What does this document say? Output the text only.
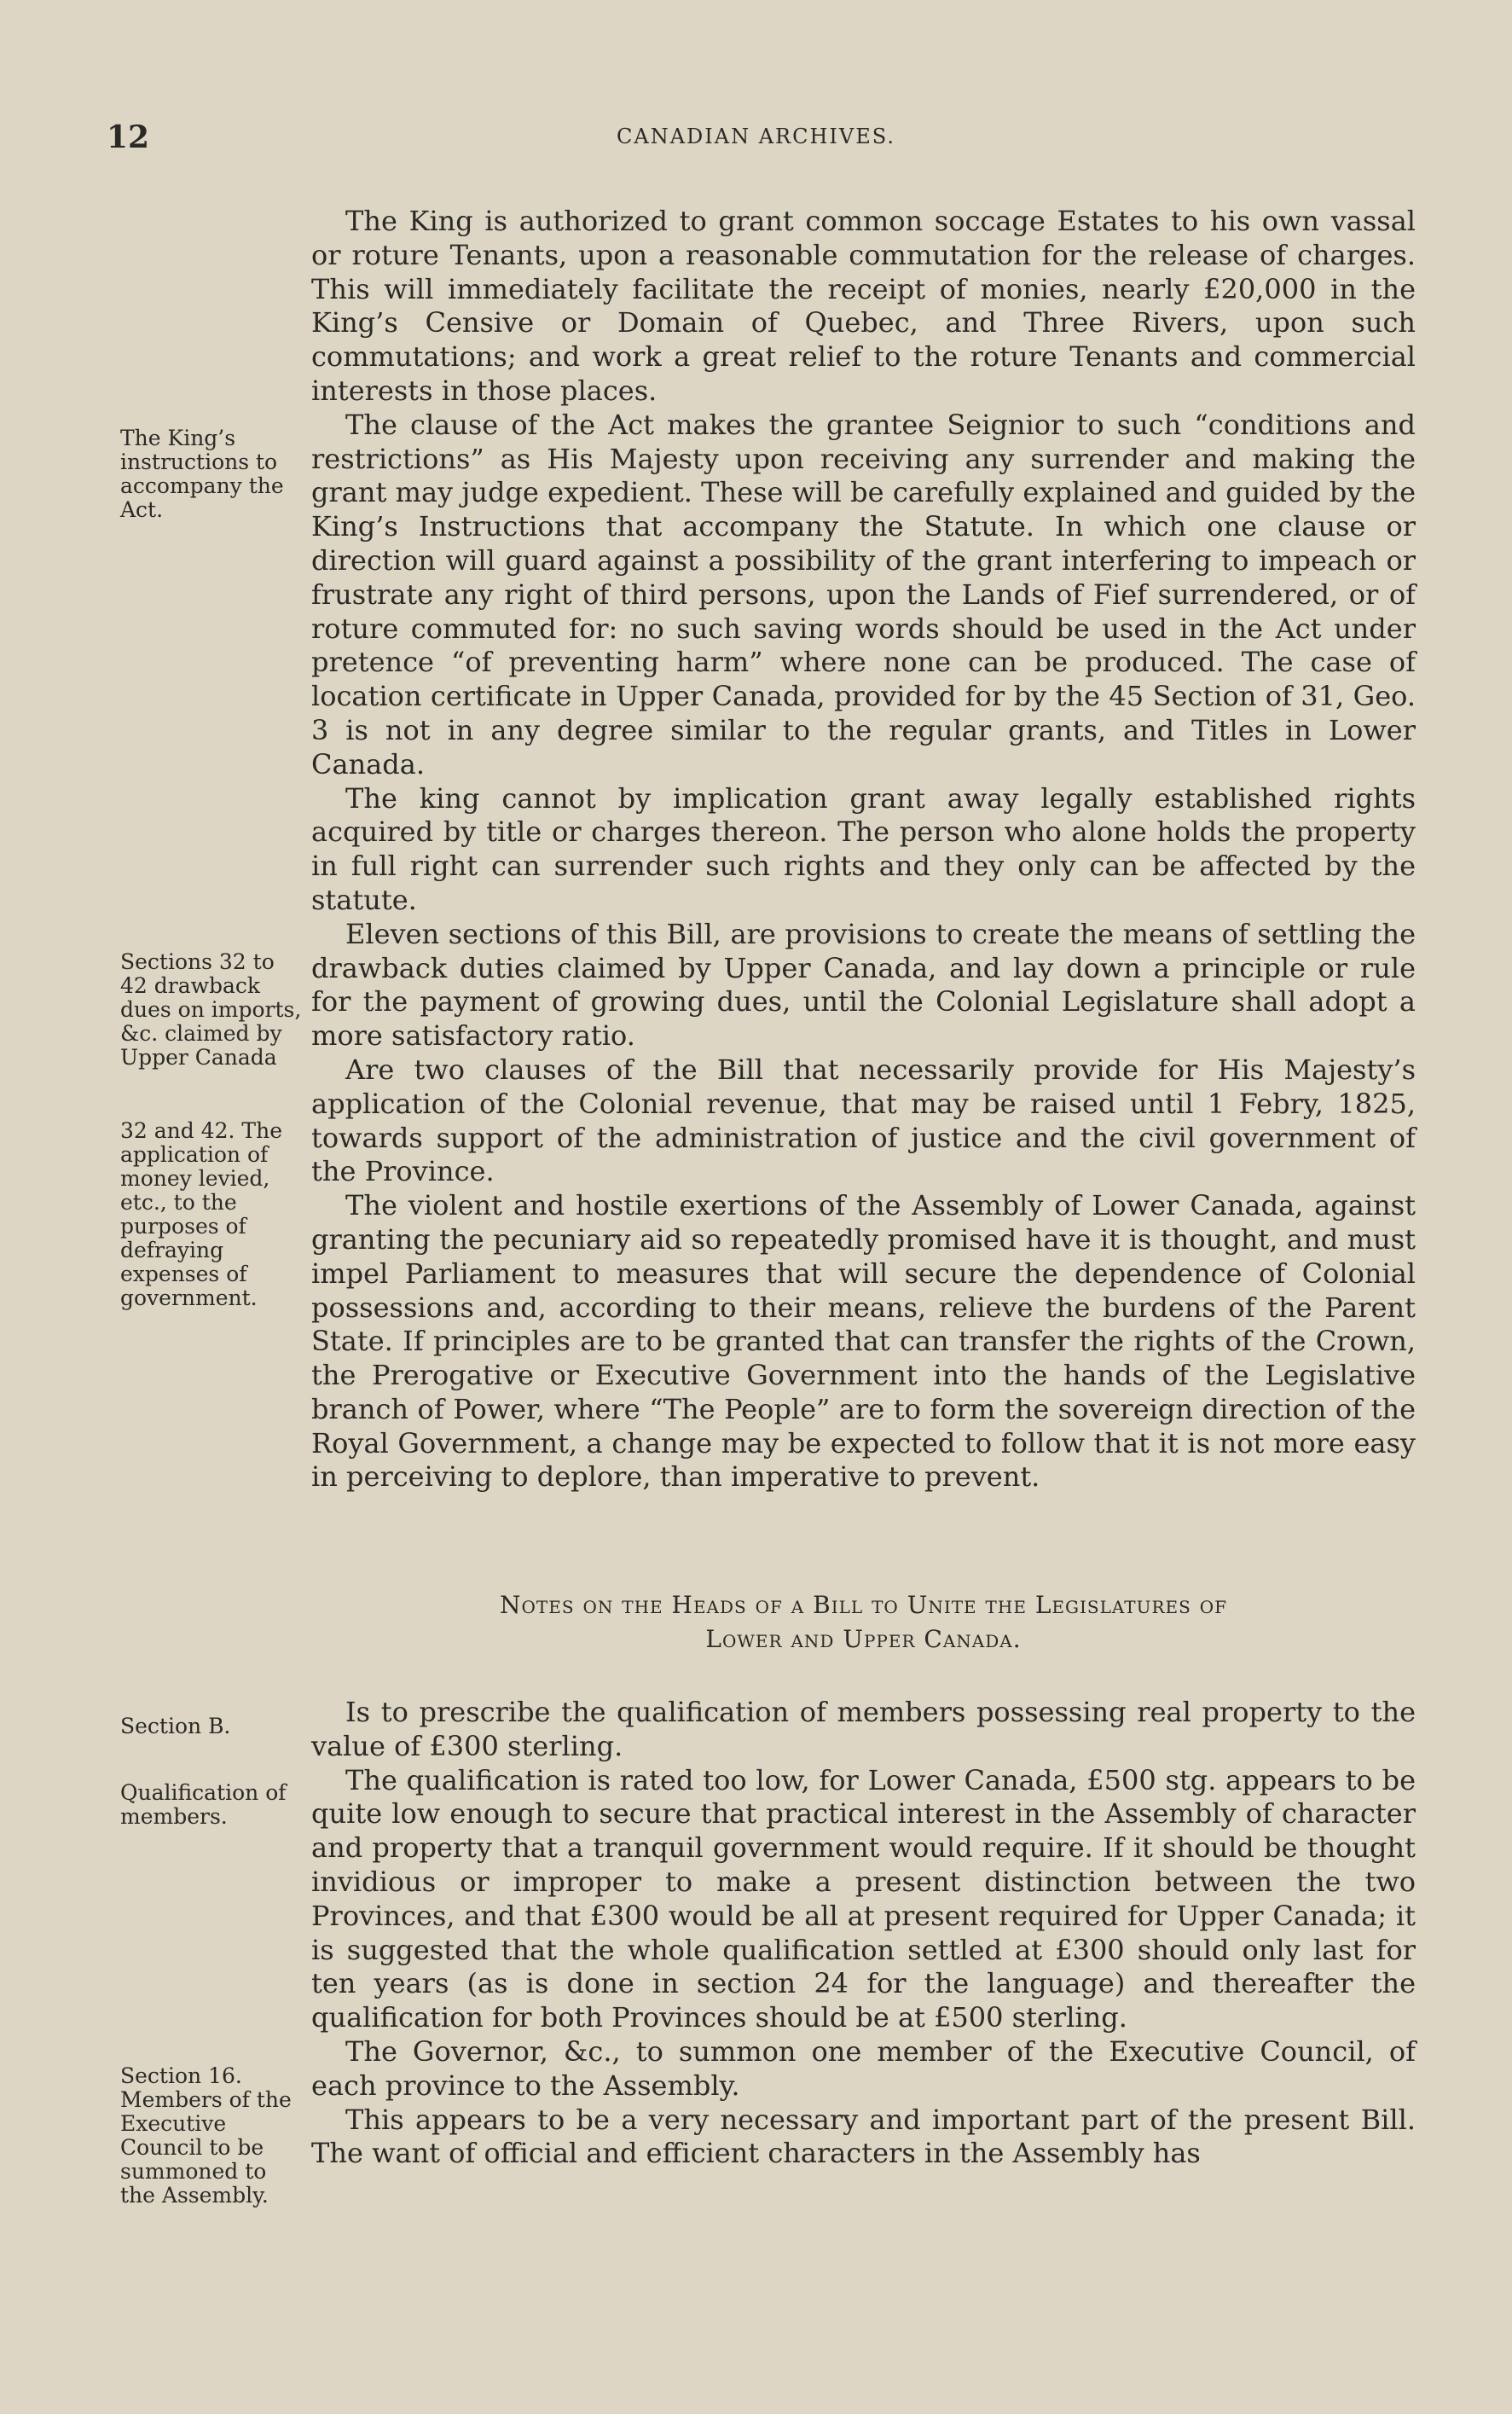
12	CANADIAN ARCHIVES.

The King is authorized to grant common soccage Estates to his own vassal or roture Tenants, upon a reasonable commutation for the release of charges. This will immediately facilitate the receipt of monies, nearly £20,000 in the King’s Censive or Domain of Quebec, and Three Rivers, upon such commutations; and work a great relief to the roture Tenants and commercial interests in those places.

The clause of the Act makes the grantee Seignior to such “conditions and restrictions” as His Majesty upon receiving any surrender and making the grant may judge expedient. These will be carefully explained and guided by the King’s Instructions that accompany the Statute. In which one clause or direction will guard against a possibility of the grant interfering to impeach or frustrate any right of third persons, upon the Lands of Fief surrendered, or of roture commuted for: no such saving words should be used in the Act under pretence “of preventing harm” where none can be produced. The case of location certificate in Upper Canada, provided for by the 45 Section of 31, Geo. 3 is not in any degree similar to the regular grants, and Titles in Lower Canada.

The king cannot by implication grant away legally established rights acquired by title or charges thereon. The person who alone holds the property in full right can surrender such rights and they only can be affected by the statute.

Eleven sections of this Bill, are provisions to create the means of settling the drawback duties claimed by Upper Canada, and lay down a principle or rule for the payment of growing dues, until the Colonial Legislature shall adopt a more satisfactory ratio.

Are two clauses of the Bill that necessarily provide for His Majesty’s application of the Colonial revenue, that may be raised until 1 Febry, 1825, towards support of the administration of justice and the civil government of the Province.

The violent and hostile exertions of the Assembly of Lower Canada, against granting the pecuniary aid so repeatedly promised have it is thought, and must impel Parliament to measures that will secure the dependence of Colonial possessions and, according to their means, relieve the burdens of the Parent State. If principles are to be granted that can transfer the rights of the Crown, the Prerogative or Executive Government into the hands of the Legislative branch of Power, where “The People” are to form the sovereign direction of the Royal Government, a change may be expected to follow that it is not more easy in perceiving to deplore, than imperative to prevent.

Notes on the Heads of a Bill to Unite the Legislatures of
Lower and Upper Canada.

Is to prescribe the qualification of members possessing real property to the value of £300 sterling.

The qualification is rated too low, for Lower Canada, £500 stg. appears to be quite low enough to secure that practical interest in the Assembly of character and property that a tranquil government would require. If it should be thought invidious or improper to make a present distinction between the two Provinces, and that £300 would be all at present required for Upper Canada; it is suggested that the whole qualification settled at £300 should only last for ten years (as is done in section 24 for the language) and thereafter the qualification for both Provinces should be at £500 sterling.

The Governor, &c., to summon one member of the Executive Council, of each province to the Assembly.

This appears to be a very necessary and important part of the present Bill. The want of official and efficient characters in the Assembly has

The King’s instructions to accompany the Act.
Sections 32 to 42 drawback dues on imports, &c. claimed by Upper Canada
32 and 42. The application of money levied, etc., to the purposes of defraying expenses of government.
Section B.
Qualification of members.
Section 16. Members of the Executive Council to be summoned to the Assembly.
